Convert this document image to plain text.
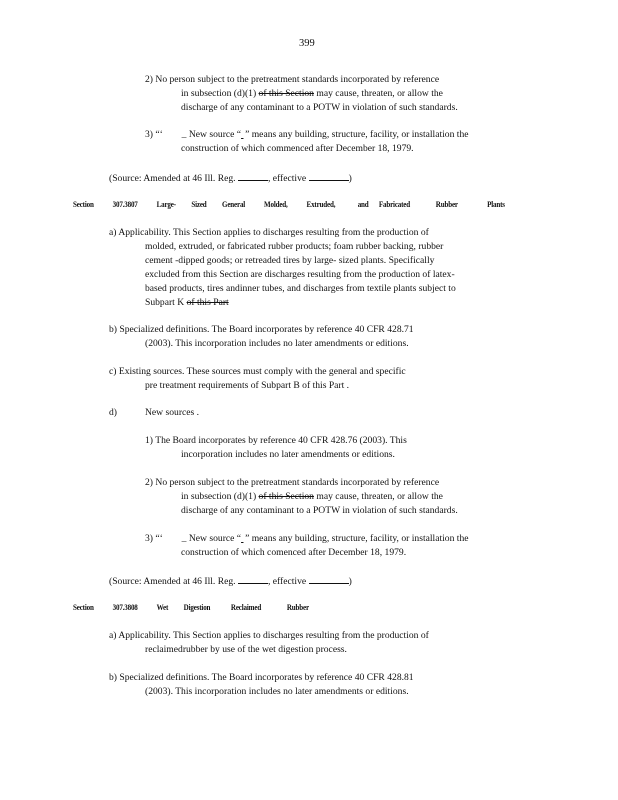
399
2) No person subject to the pretreatment standards incorporated by reference
in subsection (d)(1) of this Section may cause, threaten, or allow the
discharge of any contaminant to a POTW in violation of such standards.
3) “‘ _ New source “ ” means any building, structure, facility, or installation the
construction of which commenced after December 18, 1979.
(Source: Amended at 46 Ill. Reg.	, effective	)
Section 307.3807 Large- Sized General Molded, Extruded,	and Fabricated	Rubber	Plants
a) Applicability. This Section applies to discharges resulting from the production of
molded, extruded, or fabricated rubber products; foam rubber backing, rubber
cement -dipped goods; or retreaded tires by large- sized plants. Specifically
excluded from this Section are discharges resulting from the production of latex-
based products, tires andinner tubes, and discharges from textile plants subject to
Subpart K of this Part
b) Specialized definitions. The Board incorporates by reference 40 CFR 428.71
(2003). This incorporation includes no later amendments or editions.
c) Existing sources. These sources must comply with the general and specific
pre treatment requirements of Subpart B of this Part .
d)	New sources .
1) The Board incorporates by reference 40 CFR 428.76 (2003). This
incorporation includes no later amendments or editions.
2) No person subject to the pretreatment standards incorporated by reference
in subsection (d)(1) of this Section may cause, threaten, or allow the
discharge of any contaminant to a POTW in violation of such standards.
3) “‘ _ New source “ ” means any building, structure, facility, or installation the
construction of which comenced after December 18, 1979.
(Source: Amended at 46 Ill. Reg.	, effective	)
Section 307.3808 Wet Digestion	Reclaimed	Rubber
a) Applicability. This Section applies to discharges resulting from the production of
reclaimedrubber by use of the wet digestion process.
b) Specialized definitions. The Board incorporates by reference 40 CFR 428.81
(2003). This incorporation includes no later amendments or editions.
